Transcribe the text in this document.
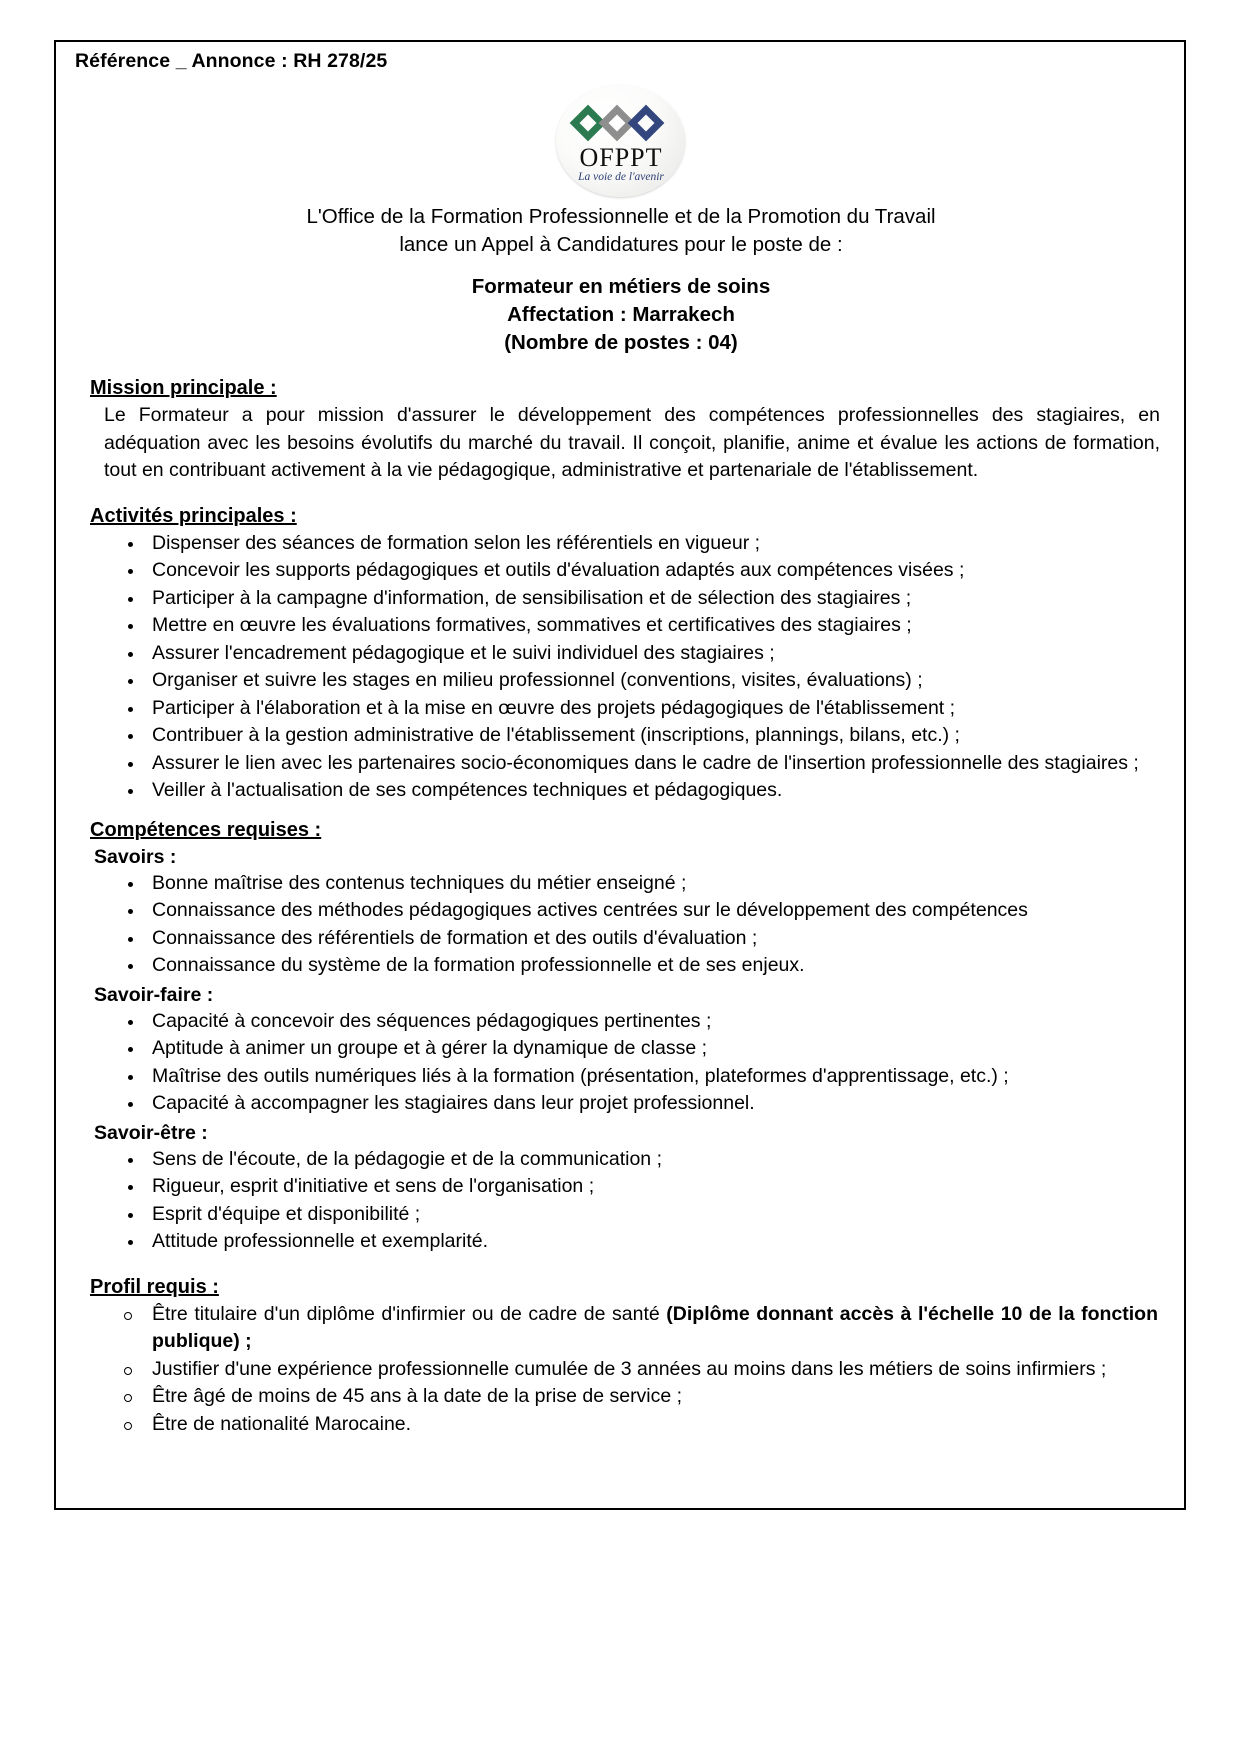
Référence _ Annonce : RH 278/25
OFPPT
La voie de l'avenir
L'Office de la Formation Professionnelle et de la Promotion du Travail
lance un Appel à Candidatures pour le poste de :
Formateur en métiers de soins
Affectation : Marrakech
(Nombre de postes : 04)
Mission principale :
Le Formateur a pour mission d'assurer le développement des compétences professionnelles des stagiaires, en adéquation avec les besoins évolutifs du marché du travail. Il conçoit, planifie, anime et évalue les actions de formation, tout en contribuant activement à la vie pédagogique, administrative et partenariale de l'établissement.
Activités principales :
Dispenser des séances de formation selon les référentiels en vigueur ;
Concevoir les supports pédagogiques et outils d'évaluation adaptés aux compétences visées ;
Participer à la campagne d'information, de sensibilisation et de sélection des stagiaires ;
Mettre en œuvre les évaluations formatives, sommatives et certificatives des stagiaires ;
Assurer l'encadrement pédagogique et le suivi individuel des stagiaires ;
Organiser et suivre les stages en milieu professionnel (conventions, visites, évaluations) ;
Participer à l'élaboration et à la mise en œuvre des projets pédagogiques de l'établissement ;
Contribuer à la gestion administrative de l'établissement (inscriptions, plannings, bilans, etc.) ;
Assurer le lien avec les partenaires socio-économiques dans le cadre de l'insertion professionnelle des stagiaires ;
Veiller à l'actualisation de ses compétences techniques et pédagogiques.
Compétences requises :
Savoirs :
Bonne maîtrise des contenus techniques du métier enseigné ;
Connaissance des méthodes pédagogiques actives centrées sur le développement des compétences
Connaissance des référentiels de formation et des outils d'évaluation ;
Connaissance du système de la formation professionnelle et de ses enjeux.
Savoir-faire :
Capacité à concevoir des séquences pédagogiques pertinentes ;
Aptitude à animer un groupe et à gérer la dynamique de classe ;
Maîtrise des outils numériques liés à la formation (présentation, plateformes d'apprentissage, etc.) ;
Capacité à accompagner les stagiaires dans leur projet professionnel.
Savoir-être :
Sens de l'écoute, de la pédagogie et de la communication ;
Rigueur, esprit d'initiative et sens de l'organisation ;
Esprit d'équipe et disponibilité ;
Attitude professionnelle et exemplarité.
Profil requis :
Être titulaire d'un diplôme d'infirmier ou de cadre de santé (Diplôme donnant accès à l'échelle 10 de la fonction publique) ;
Justifier d'une expérience professionnelle cumulée de 3 années au moins dans les métiers de soins infirmiers ;
Être âgé de moins de 45 ans à la date de la prise de service ;
Être de nationalité Marocaine.
